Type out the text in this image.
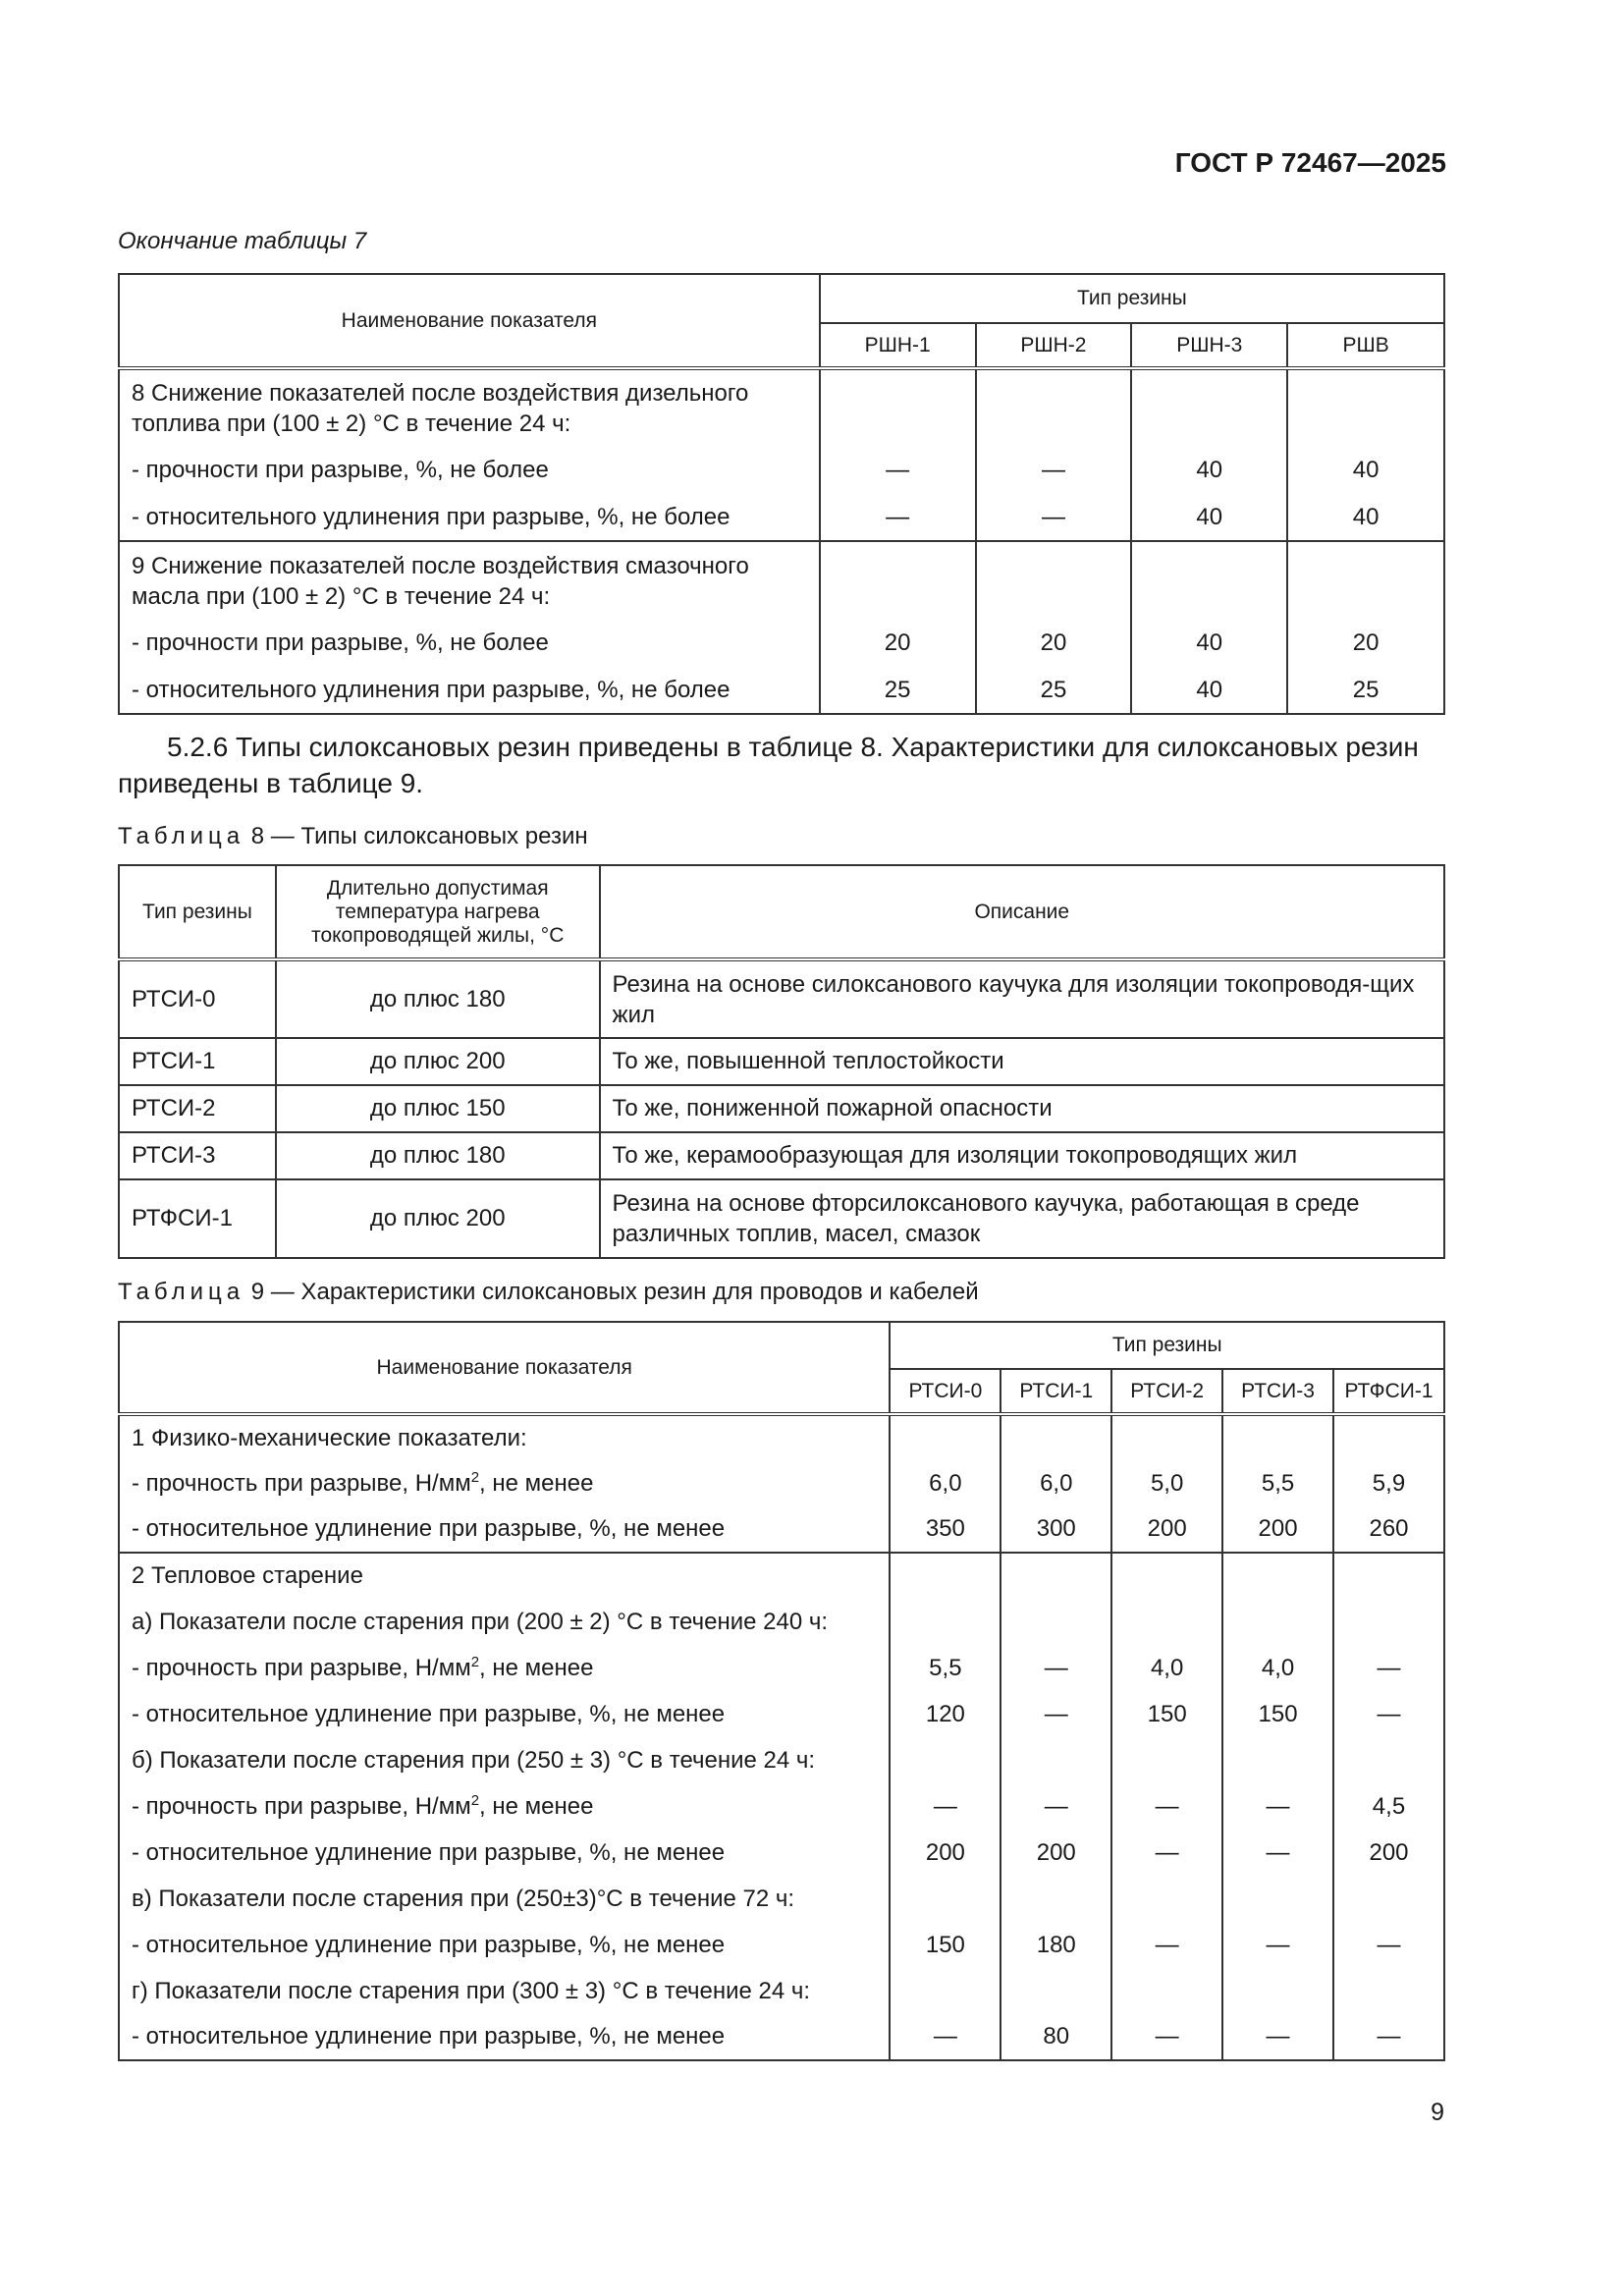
ГОСТ Р 72467—2025
Окончание таблицы 7
Наименование показателя	Тип резины			
	РШН-1	РШН-2	РШН-3	РШВ
8 Снижение показателей после воздействия дизельного топлива при (100 ± 2) °С в течение 24 ч:				
- прочности при разрыве, %, не более	—	—	40	40
- относительного удлинения при разрыве, %, не более	—	—	40	40
9 Снижение показателей после воздействия смазочного масла при (100 ± 2) °С в течение 24 ч:				
- прочности при разрыве, %, не более	20	20	40	20
- относительного удлинения при разрыве, %, не более	25	25	40	25
5.2.6 Типы силоксановых резин приведены в таблице 8. Характеристики для силоксановых резин приведены в таблице 9.
Таблица 8 — Типы силоксановых резин
Тип резины	Длительно допустимая температура нагрева токопроводящей жилы, °С	Описание
РТСИ-0	до плюс 180	Резина на основе силоксанового каучука для изоляции токопроводя-щих жил
РТСИ-1	до плюс 200	То же, повышенной теплостойкости
РТСИ-2	до плюс 150	То же, пониженной пожарной опасности
РТСИ-3	до плюс 180	То же, керамообразующая для изоляции токопроводящих жил
РТФСИ-1	до плюс 200	Резина на основе фторсилоксанового каучука, работающая в среде различных топлив, масел, смазок
Таблица 9 — Характеристики силоксановых резин для проводов и кабелей
Наименование показателя	Тип резины				
	РТСИ-0	РТСИ-1	РТСИ-2	РТСИ-3	РТФСИ-1
1 Физико-механические показатели:					
- прочность при разрыве, $Н/мм^2$, не менее	6,0	6,0	5,0	5,5	5,9
- относительное удлинение при разрыве, %, не менее	350	300	200	200	260
2 Тепловое старение					
а) Показатели после старения при (200 ± 2) °С в течение 240 ч:					
- прочность при разрыве, $Н/мм^2$, не менее	5,5	—	4,0	4,0	—
- относительное удлинение при разрыве, %, не менее	120	—	150	150	—
б) Показатели после старения при (250 ± 3) °С в течение 24 ч:					
- прочность при разрыве, $Н/мм^2$, не менее	—	—	—	—	4,5
- относительное удлинение при разрыве, %, не менее	200	200	—	—	200
в) Показатели после старения при (250±3)°С в течение 72 ч:					
- относительное удлинение при разрыве, %, не менее	150	180	—	—	—
г) Показатели после старения при (300 ± 3) °С в течение 24 ч:					
- относительное удлинение при разрыве, %, не менее	—	80	—	—	—
9
